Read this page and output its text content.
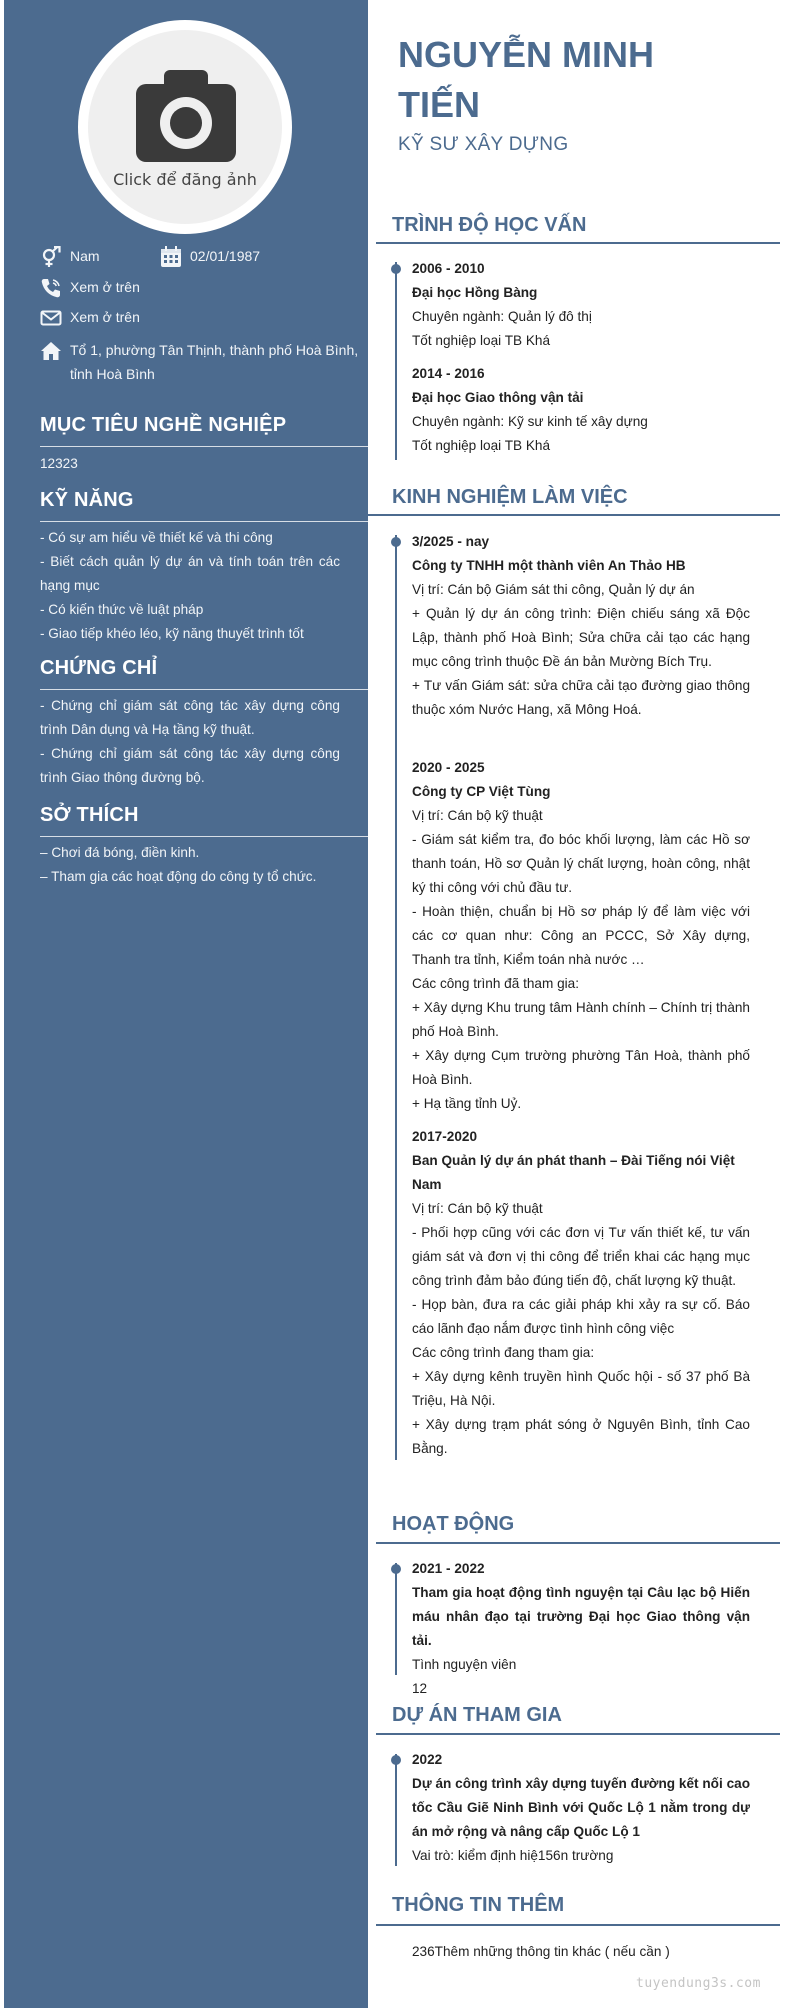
Click để đăng ảnh
Nam	02/01/1987
Xem ở trên
Xem ở trên
Tổ 1, phường Tân Thịnh, thành phố Hoà Bình, tỉnh Hoà Bình
MỤC TIÊU NGHỀ NGHIỆP
12323
KỸ NĂNG

- Có sự am hiểu về thiết kế và thi công

- Biết cách quản lý dự án và tính toán trên các hạng mục

- Có kiến thức về luật pháp

- Giao tiếp khéo léo, kỹ năng thuyết trình tốt

CHỨNG CHỈ

- Chứng chỉ giám sát công tác xây dựng công trình Dân dụng và Hạ tầng kỹ thuật.

- Chứng chỉ giám sát công tác xây dựng công trình Giao thông đường bộ.

SỞ THÍCH

– Chơi đá bóng, điền kinh.

– Tham gia các hoạt động do công ty tổ chức.

NGUYỄN MINH TIẾN
KỸ SƯ XÂY DỰNG
TRÌNH ĐỘ HỌC VẤN
2006 - 2010
Đại học Hồng Bàng
Chuyên ngành: Quản lý đô thị
Tốt nghiệp loại TB Khá
2014 - 2016
Đại học Giao thông vận tải
Chuyên ngành: Kỹ sư kinh tế xây dựng
Tốt nghiệp loại TB Khá
KINH NGHIỆM LÀM VIỆC
3/2025 - nay
Công ty TNHH một thành viên An Thảo HB

Vị trí: Cán bộ Giám sát thi công, Quản lý dự án

+ Quản lý dự án công trình: Điện chiếu sáng xã Độc Lập, thành phố Hoà Bình; Sửa chữa cải tạo các hạng mục công trình thuộc Đề án bản Mường Bích Trụ.

+ Tư vấn Giám sát: sửa chữa cải tạo đường giao thông thuộc xóm Nước Hang, xã Mông Hoá.

2020 - 2025
Công ty CP Việt Tùng

Vị trí: Cán bộ kỹ thuật

- Giám sát kiểm tra, đo bóc khối lượng, làm các Hồ sơ thanh toán, Hồ sơ Quản lý chất lượng, hoàn công, nhật ký thi công với chủ đầu tư.

- Hoàn thiện, chuẩn bị Hồ sơ pháp lý để làm việc với các cơ quan như: Công an PCCC, Sở Xây dựng, Thanh tra tỉnh, Kiểm toán nhà nước …

Các công trình đã tham gia:

+ Xây dựng Khu trung tâm Hành chính – Chính trị thành phố Hoà Bình.

+ Xây dựng Cụm trường phường Tân Hoà, thành phố Hoà Bình.

+ Hạ tầng tỉnh Uỷ.

2017-2020
Ban Quản lý dự án phát thanh – Đài Tiếng nói Việt Nam

Vị trí: Cán bộ kỹ thuật

- Phối hợp cũng với các đơn vị Tư vấn thiết kế, tư vấn giám sát và đơn vị thi công để triển khai các hạng mục công trình đảm bảo đúng tiến độ, chất lượng kỹ thuật.

- Họp bàn, đưa ra các giải pháp khi xảy ra sự cố. Báo cáo lãnh đạo nắm được tình hình công việc

Các công trình đang tham gia:

+ Xây dựng kênh truyền hình Quốc hội - số 37 phố Bà Triệu, Hà Nội.

+ Xây dựng trạm phát sóng ở Nguyên Bình, tỉnh Cao Bằng.

HOẠT ĐỘNG
2021 - 2022

Tham gia hoạt động tình nguyện tại Câu lạc bộ Hiến máu nhân đạo tại trường Đại học Giao thông vận tải.

Tình nguyện viên
12
DỰ ÁN THAM GIA
2022

Dự án công trình xây dựng tuyến đường kết nối cao tốc Cầu Giẽ Ninh Bình với Quốc Lộ 1 nằm trong dự án mở rộng và nâng cấp Quốc Lộ 1

Vai trò: kiểm định hiệ156n trường
THÔNG TIN THÊM
236Thêm những thông tin khác ( nếu cần )
tuyendung3s.com
